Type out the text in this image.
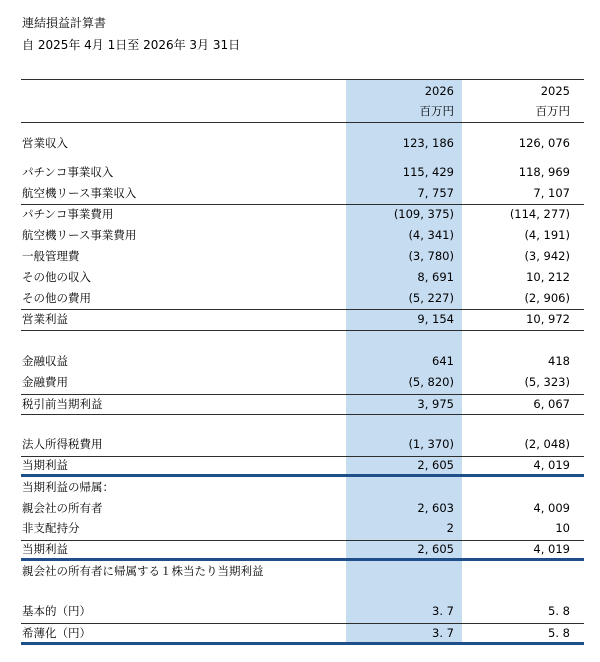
連結損益計算書
自 2025年 4月 1日至 2026年 3月 31日
2026	2025
百万円	百万円
営業収入	123, 186	126, 076
パチンコ事業収入	115, 429	118, 969
航空機リース事業収入	7, 757	7, 107
パチンコ事業費用	(109, 375)	(114, 277)
航空機リース事業費用	(4, 341)	(4, 191)
一般管理費	(3, 780)	(3, 942)
その他の収入	8, 691	10, 212
その他の費用	(5, 227)	(2, 906)
営業利益	9, 154	10, 972
金融収益	641	418
金融費用	(5, 820)	(5, 323)
税引前当期利益	3, 975	6, 067
法人所得税費用	(1, 370)	(2, 048)
当期利益	2, 605	4, 019
当期利益の帰属：
親会社の所有者	2, 603	4, 009
非支配持分	2	10
当期利益	2, 605	4, 019
親会社の所有者に帰属する１株当たり当期利益
基本的（円）	3. 7	5. 8
希薄化（円）	3. 7	5. 8
